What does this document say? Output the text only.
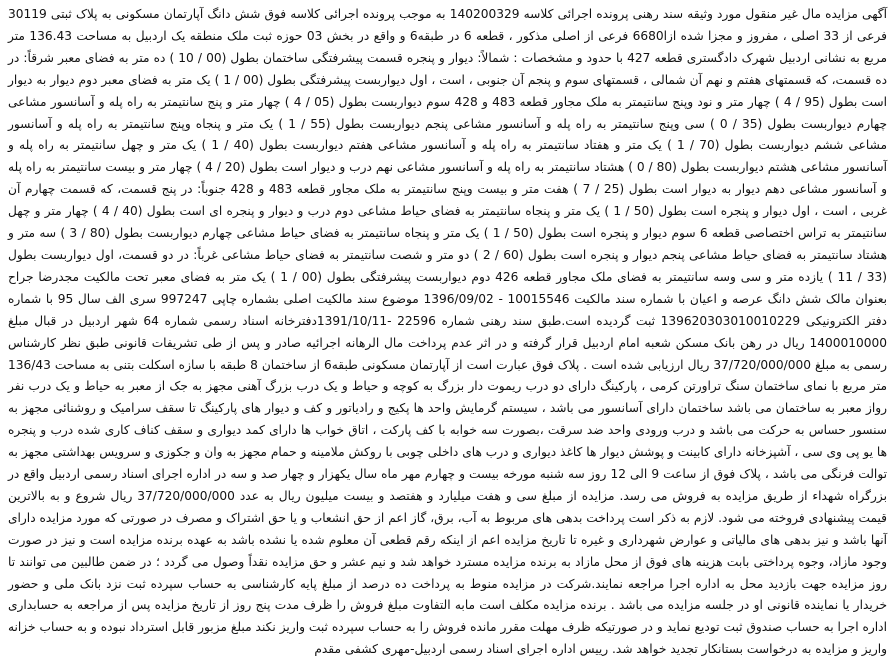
آگهی مزایده مال غیر منقول مورد وثیقه سند رهنی پرونده اجرائی کلاسه 140200329 به موجب پرونده اجرائی کلاسه فوق شش دانگ آپارتمان مسکونی به پلاک ثبتی 30119 فرعی از 33 اصلی ، مفروز و مجزا شده ازا6680 فرعی از اصلی مذکور ، قطعه 6 در طبقه6 و واقع در بخش 03 حوزه ثبت ملک منطقه یک اردبیل به مساحت 136.43 متر مربع به نشانی اردبیل شهرک دادگستری قطعه 427 با حدود و مشخصات : شمالاً: دیوار و پنجره قسمت پیشرفتگی ساختمان بطول (00 / 10 ) ده متر به فضای معبر شرقاً: در ده قسمت، که قسمتهای هفتم و نهم آن شمالی ، قسمتهای سوم و پنجم آن جنوبی ، است ، اول دیواربست پیشرفتگی بطول (00 / 1 ) یک متر به فضای معبر دوم دیوار به دیوار است بطول (95 / 4 ) چهار متر و نود وپنج سانتیمتر به ملک مجاور قطعه 483 و 428 سوم دیواربست بطول (05 / 4 ) چهار متر و پنج سانتیمتر به راه پله و آسانسور مشاعی چهارم دیواربست بطول (35 / 0 ) سی وپنج سانتیمتر به راه پله و آسانسور مشاعی پنجم دیواربست بطول (55 / 1 ) یک متر و پنجاه وپنج سانتیمتر به راه پله و آسانسور مشاعی ششم دیواربست بطول (70 / 1 ) یک متر و هفتاد سانتیمتر به راه پله و آسانسور مشاعی هفتم دیواربست بطول (40 / 1 ) یک متر و چهل سانتیمتر به راه پله و آسانسور مشاعی هشتم دیواربست بطول (80 / 0 ) هشتاد سانتیمتر به راه پله و آسانسور مشاعی نهم درب و دیوار است بطول (20 / 4 ) چهار متر و بیست سانتیمتر به راه پله و آسانسور مشاعی دهم دیوار به دیوار است بطول (25 / 7 ) هفت متر و بیست وپنج سانتیمتر به ملک مجاور قطعه 483 و 428 جنوباً: در پنج قسمت، که قسمت چهارم آن غربی ، است ، اول دیوار و پنجره است بطول (50 / 1 ) یک متر و پنجاه سانتیمتر به فضای حیاط مشاعی دوم درب و دیوار و پنجره ای است بطول (40 / 4 ) چهار متر و چهل سانتیمتر به تراس اختصاصی قطعه 6 سوم دیوار و پنجره است بطول (50 / 1 ) یک متر و پنجاه سانتیمتر به فضای حیاط مشاعی چهارم دیواربست بطول (80 / 3 ) سه متر و هشتاد سانتیمتر به فضای حیاط مشاعی پنجم دیوار و پنجره است بطول (60 / 2 ) دو متر و شصت سانتیمتر به فضای حیاط مشاعی غرباً: در دو قسمت، اول دیواربست بطول (33 / 11 ) یازده متر و سی وسه سانتیمتر به فضای ملک مجاور قطعه 426 دوم دیواربست پیشرفتگی بطول (00 / 1 ) یک متر به فضای معبر تحت مالکیت مجدرضا جراح بعنوان مالک شش دانگ عرصه و اعیان با شماره سند مالکیت 10015546 - 1396/09/02 موضوع سند مالکیت اصلی بشماره چاپی 997247 سری الف سال 95 با شماره دفتر الکترونیکی 139620303010010229 ثبت گردیده است.طبق سند رهنی شماره 22596 -1391/10/11دفترخانه اسناد رسمی شماره 64 شهر اردبیل در قبال مبلغ 1400010000 ریال در رهن بانک مسکن شعبه امام اردبیل قرار گرفته و در اثر عدم پرداخت مال الرهانه اجرائیه صادر و پس از طی تشریفات قانونی طبق نظر کارشناس رسمی به مبلغ 37/720/000/000 ریال ارزیابی شده است . پلاک فوق عبارت است از آپارتمان مسکونی طبقه6 از ساختمان 8 طبقه با سازه اسکلت بتنی به مساحت 136/43 متر مربع با نمای ساختمان سنگ تراورتن کرمی ، پارکینگ دارای دو درب ریموت دار بزرگ به کوچه و حیاط و یک درب بزرگ آهنی مجهز به جک از معبر به حیاط و یک درب نفر رواز معبر به ساختمان می باشد ساختمان دارای آسانسور می باشد ، سیستم گرمایش واحد ها پکیج و رادیاتور و کف و دیوار های پارکینگ تا سقف سرامیک و روشنائی مجهز به سنسور حساس به حرکت می باشد و درب ورودی واحد ضد سرقت ،بصورت سه خوابه با کف پارکت ، اتاق خواب ها دارای کمد دیواری و سقف کناف کاری شده درب و پنجره ها یو پی وی سی ، آشپزخانه دارای کابینت و پوشش دیوار ها کاغذ دیواری و درب های داخلی چوبی با روکش ملامینه و حمام مجهز به وان و جکوزی و سرویس بهداشتی مجهز به توالت فرنگی می باشد ، پلاک فوق از ساعت 9 الی 12 روز سه شنبه مورخه بیست و چهارم مهر ماه سال یکهزار و چهار صد و سه در اداره اجرای اسناد رسمی اردبیل واقع در بزرگراه شهداء از طریق مزایده به فروش می رسد. مزایده از مبلغ سی و هفت میلیارد و هفتصد و بیست میلیون ریال به عدد 37/720/000/000 ریال شروع و به بالاترین قیمت پیشنهادی فروخته می شود. لازم به ذکر است پرداخت بدهی های مربوط به آب، برق، گاز اعم از حق انشعاب و یا حق اشتراک و مصرف در صورتی که مورد مزایده دارای آنها باشد و نیز بدهی های مالیاتی و عوارض شهرداری و غیره تا تاریخ مزایده اعم از اینکه رقم قطعی آن معلوم شده یا نشده باشد به عهده برنده مزایده است و نیز در صورت وجود مازاد، وجوه پرداختی بابت هزینه های فوق از محل مازاد به برنده مزایده مسترد خواهد شد و نیم عشر و حق مزایده نقداً وصول می گردد ؛ در ضمن طالبین می توانند تا روز مزایده جهت بازدید محل به اداره اجرا مراجعه نمایند.شرکت در مزایده منوط به پرداخت ده درصد از مبلغ پایه کارشناسی به حساب سپرده ثبت نزد بانک ملی و حضور خریدار یا نماینده قانونی او در جلسه مزایده می باشد . برنده مزایده مکلف است مابه التفاوت مبلغ فروش را ظرف مدت پنج روز از تاریخ مزایده پس از مراجعه به حسابداری اداره اجرا به حساب صندوق ثبت تودیع نماید و در صورتیکه ظرف مهلت مقرر مانده فروش را به حساب سپرده ثبت واریز نکند مبلغ مزبور قابل استرداد نبوده و به حساب خزانه واریز و مزایده به درخواست بستانکار تجدید خواهد شد. رییس اداره اجرای اسناد رسمی اردبیل-مهری کشفی مقدم
